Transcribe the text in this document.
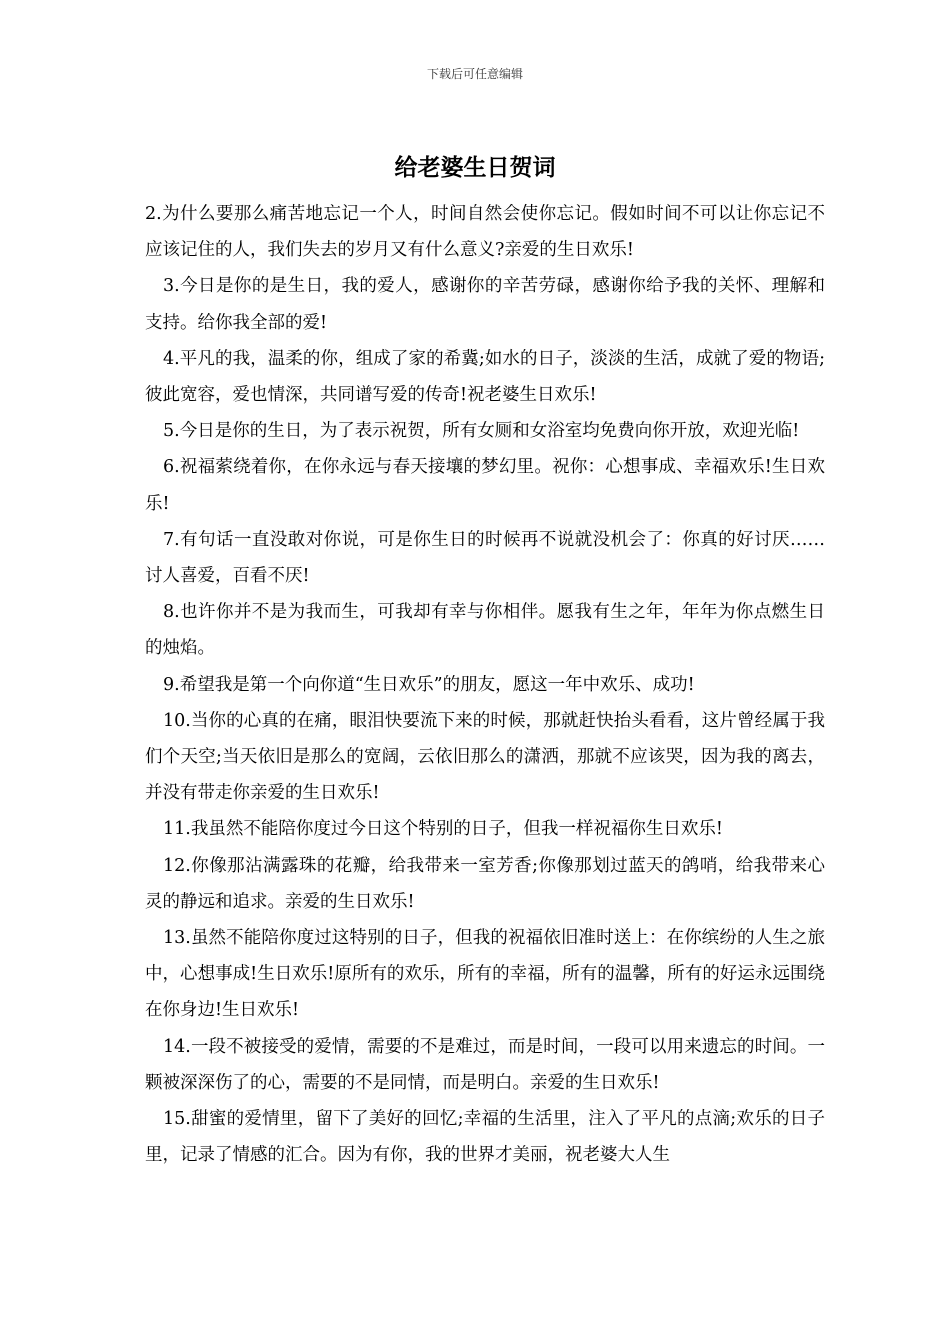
下载后可任意编辑
给老婆生日贺词

2.为什么要那么痛苦地忘记一个人，时间自然会使你忘记。假如时间不可以让你忘记不应该记住的人，我们失去的岁月又有什么意义?亲爱的生日欢乐!

3.今日是你的是生日，我的爱人，感谢你的辛苦劳碌，感谢你给予我的关怀、理解和支持。给你我全部的爱!

4.平凡的我，温柔的你，组成了家的希冀;如水的日子，淡淡的生活，成就了爱的物语;彼此宽容，爱也情深，共同谱写爱的传奇!祝老婆生日欢乐!

5.今日是你的生日，为了表示祝贺，所有女厕和女浴室均免费向你开放，欢迎光临!

6.祝福萦绕着你，在你永远与春天接壤的梦幻里。祝你：心想事成、幸福欢乐!生日欢乐!

7.有句话一直没敢对你说，可是你生日的时候再不说就没机会了：你真的好讨厌……讨人喜爱，百看不厌!

8.也许你并不是为我而生，可我却有幸与你相伴。愿我有生之年，年年为你点燃生日的烛焰。

9.希望我是第一个向你道“生日欢乐”的朋友，愿这一年中欢乐、成功!

10.当你的心真的在痛，眼泪快要流下来的时候，那就赶快抬头看看，这片曾经属于我们个天空;当天依旧是那么的宽阔，云依旧那么的潇洒，那就不应该哭，因为我的离去，并没有带走你亲爱的生日欢乐!

11.我虽然不能陪你度过今日这个特别的日子，但我一样祝福你生日欢乐!

12.你像那沾满露珠的花瓣，给我带来一室芳香;你像那划过蓝天的鸽哨，给我带来心灵的静远和追求。亲爱的生日欢乐!

13.虽然不能陪你度过这特别的日子，但我的祝福依旧准时送上：在你缤纷的人生之旅中，心想事成!生日欢乐!原所有的欢乐，所有的幸福，所有的温馨，所有的好运永远围绕在你身边!生日欢乐!

14.一段不被接受的爱情，需要的不是难过，而是时间，一段可以用来遗忘的时间。一颗被深深伤了的心，需要的不是同情，而是明白。亲爱的生日欢乐!

15.甜蜜的爱情里，留下了美好的回忆;幸福的生活里，注入了平凡的点滴;欢乐的日子里，记录了情感的汇合。因为有你，我的世界才美丽，祝老婆大人生
